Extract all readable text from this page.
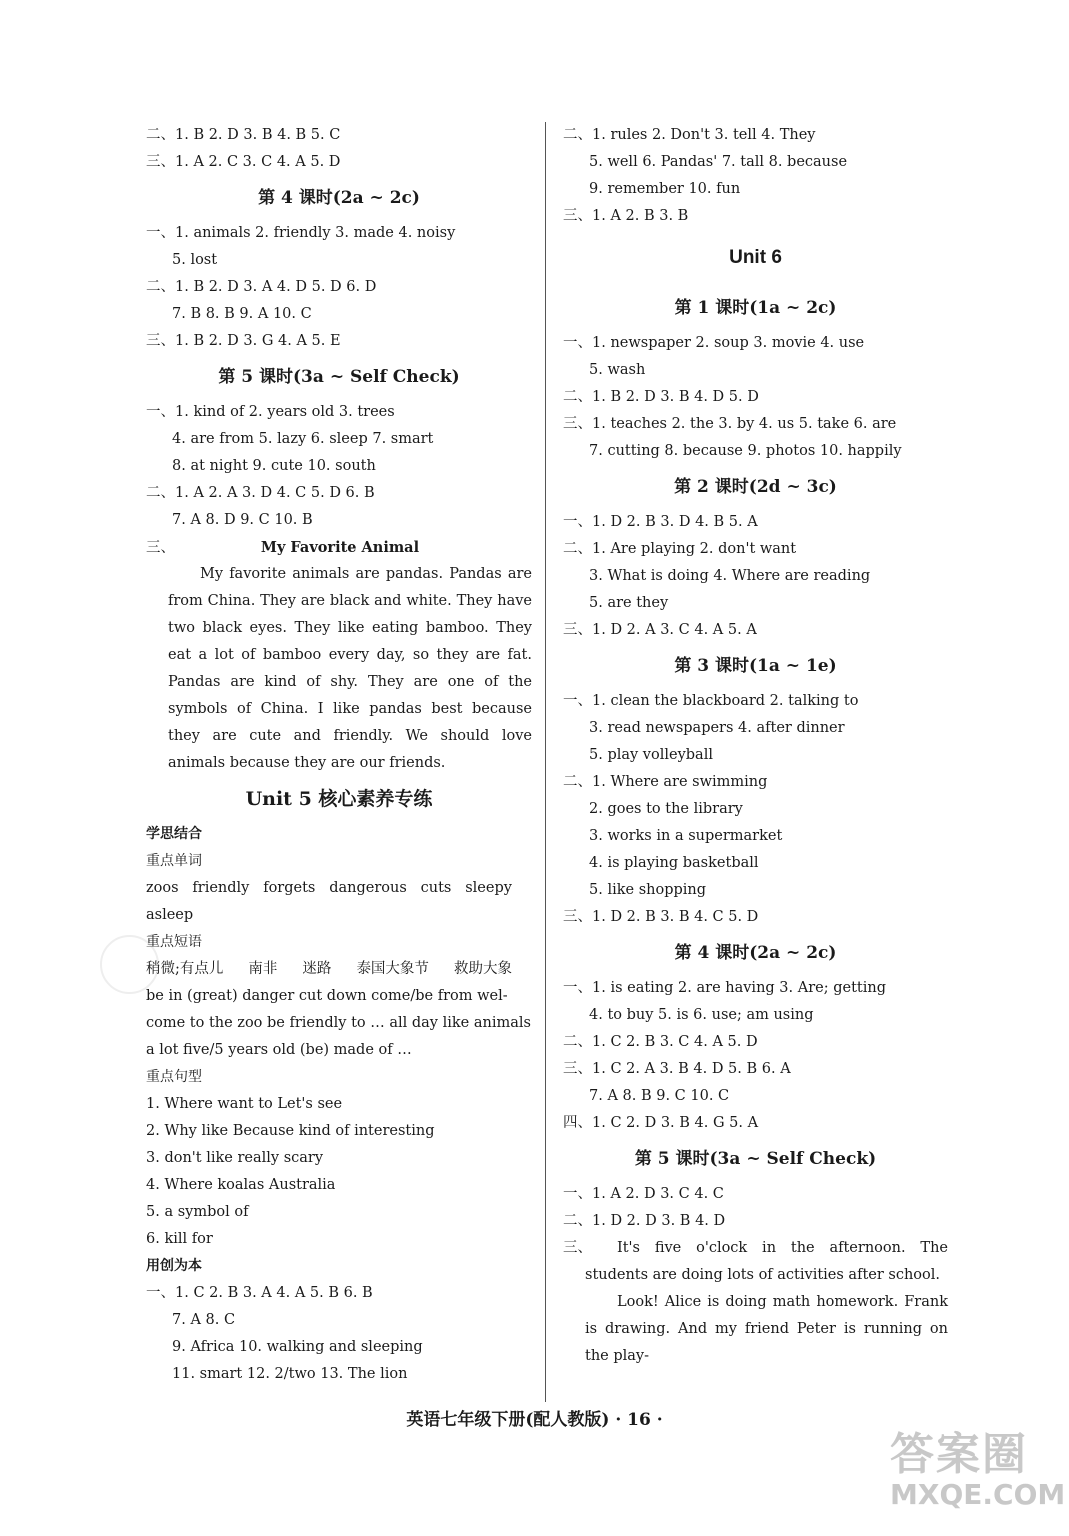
二、1. B 2. D 3. B 4. B 5. C
三、1. A 2. C 3. C 4. A 5. D
第 4 课时(2a ~ 2c)
一、1. animals 2. friendly 3. made 4. noisy
5. lost
二、1. B 2. D 3. A 4. D 5. D 6. D
7. B 8. B 9. A 10. C
三、1. B 2. D 3. G 4. A 5. E
第 5 课时(3a ~ Self Check)
一、1. kind of 2. years old 3. trees
4. are from 5. lazy 6. sleep 7. smart
8. at night 9. cute 10. south
二、1. A 2. A 3. D 4. C 5. D 6. B
7. A 8. D 9. C 10. B
三、	My Favorite Animal
My favorite animals are pandas. Pandas are from China. They are black and white. They have two black eyes. They like eating bamboo. They eat a lot of bamboo every day, so they are fat. Pandas are kind of shy. They are one of the symbols of China. I like pandas best because they are cute and friendly. We should love animals because they are our friends.
Unit 5 核心素养专练
学思结合
重点单词
zoos friendly forgets dangerous cuts sleepy
asleep
重点短语
稍微;有点儿 南非 迷路 泰国大象节 救助大象
be in (great) danger cut down come/be from wel-
come to the zoo be friendly to … all day like animals
a lot five/5 years old (be) made of …
重点句型
1. Where want to Let's see
2. Why like Because kind of interesting
3. don't like really scary
4. Where koalas Australia
5. a symbol of
6. kill for
用创为本
一、1. C 2. B 3. A 4. A 5. B 6. B
7. A 8. C
9. Africa 10. walking and sleeping
11. smart 12. 2/two 13. The lion
二、1. rules 2. Don't 3. tell 4. They
5. well 6. Pandas' 7. tall 8. because
9. remember 10. fun
三、1. A 2. B 3. B
Unit 6
第 1 课时(1a ~ 2c)
一、1. newspaper 2. soup 3. movie 4. use
5. wash
二、1. B 2. D 3. B 4. D 5. D
三、1. teaches 2. the 3. by 4. us 5. take 6. are
7. cutting 8. because 9. photos 10. happily
第 2 课时(2d ~ 3c)
一、1. D 2. B 3. D 4. B 5. A
二、1. Are playing 2. don't want
3. What is doing 4. Where are reading
5. are they
三、1. D 2. A 3. C 4. A 5. A
第 3 课时(1a ~ 1e)
一、1. clean the blackboard 2. talking to
3. read newspapers 4. after dinner
5. play volleyball
二、1. Where are swimming
2. goes to the library
3. works in a supermarket
4. is playing basketball
5. like shopping
三、1. D 2. B 3. B 4. C 5. D
第 4 课时(2a ~ 2c)
一、1. is eating 2. are having 3. Are; getting
4. to buy 5. is 6. use; am using
二、1. C 2. B 3. C 4. A 5. D
三、1. C 2. A 3. B 4. D 5. B 6. A
7. A 8. B 9. C 10. C
四、1. C 2. D 3. B 4. G 5. A
第 5 课时(3a ~ Self Check)
一、1. A 2. D 3. C 4. C
二、1. D 2. D 3. B 4. D
三、	It's five o'clock in the afternoon. The students are doing lots of activities after school.
Look! Alice is doing math homework. Frank is drawing. And my friend Peter is running on the play-
英语七年级下册(配人教版) · 16 ·
答案圈
MXQE.COM
